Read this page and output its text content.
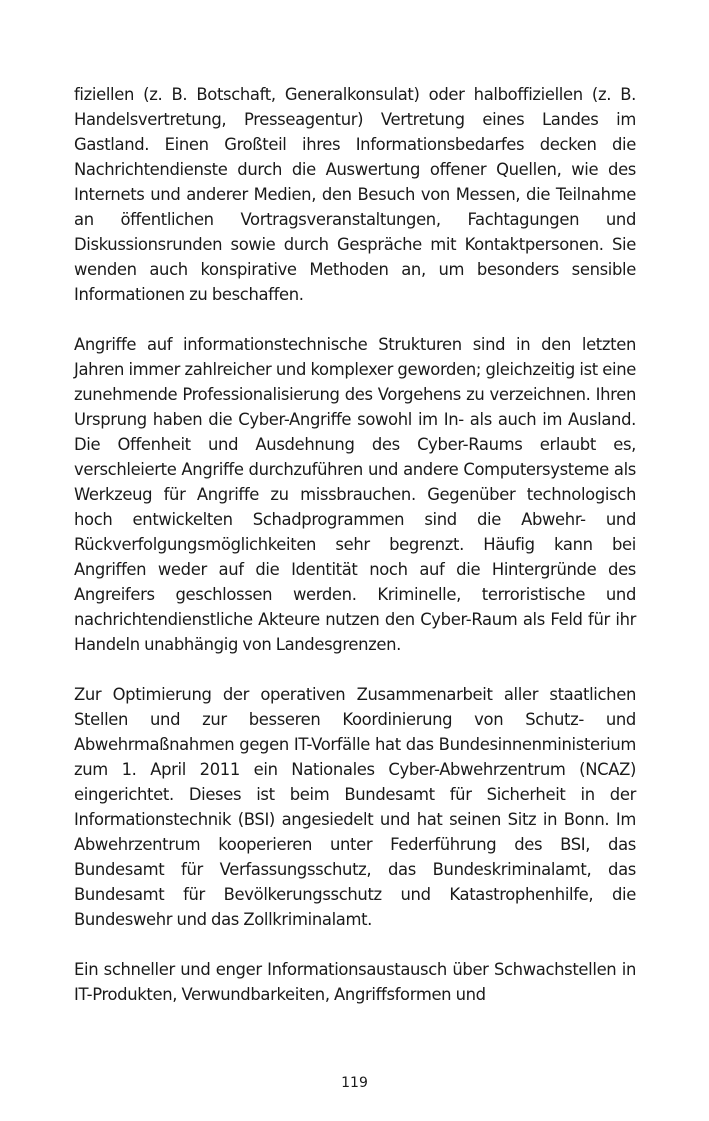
fiziellen (z. B. Botschaft, Generalkonsulat) oder halboffiziellen (z. B. Handelsvertretung, Presseagentur) Vertretung eines Landes im Gastland. Einen Großteil ihres Informationsbedarfes decken die Nachrichtendienste durch die Auswertung offener Quellen, wie des Internets und anderer Medien, den Besuch von Messen, die Teilnahme an öffentlichen Vortragsveranstaltungen, Fachtagungen und Diskussionsrunden sowie durch Gespräche mit Kontaktpersonen. Sie wenden auch konspirative Methoden an, um besonders sensible Informationen zu beschaffen.

Angriffe auf informationstechnische Strukturen sind in den letzten Jahren immer zahlreicher und komplexer geworden; gleichzeitig ist eine zunehmende Professionalisierung des Vorgehens zu verzeichnen. Ihren Ursprung haben die Cyber-Angriffe sowohl im In- als auch im Ausland. Die Offenheit und Ausdehnung des Cyber-Raums erlaubt es, verschleierte Angriffe durchzuführen und andere Computersysteme als Werkzeug für Angriffe zu missbrauchen. Gegenüber technologisch hoch entwickelten Schadprogrammen sind die Abwehr- und Rückverfolgungsmöglichkeiten sehr begrenzt. Häufig kann bei Angriffen weder auf die Identität noch auf die Hintergründe des Angreifers geschlossen werden. Kriminelle, terroristische und nachrichtendienstliche Akteure nutzen den Cyber-Raum als Feld für ihr Handeln unabhängig von Landesgrenzen.

Zur Optimierung der operativen Zusammenarbeit aller staatlichen Stellen und zur besseren Koordinierung von Schutz- und Abwehrmaßnahmen gegen IT-Vorfälle hat das Bundesinnenministerium zum 1. April 2011 ein Nationales Cyber-Abwehrzentrum (NCAZ) eingerichtet. Dieses ist beim Bundesamt für Sicherheit in der Informationstechnik (BSI) angesiedelt und hat seinen Sitz in Bonn. Im Abwehrzentrum kooperieren unter Federführung des BSI, das Bundesamt für Verfassungsschutz, das Bundeskriminalamt, das Bundesamt für Bevölkerungsschutz und Katastrophenhilfe, die Bundeswehr und das Zollkriminalamt.

Ein schneller und enger Informationsaustausch über Schwachstellen in IT-Produkten, Verwundbarkeiten, Angriffsformen und

119
